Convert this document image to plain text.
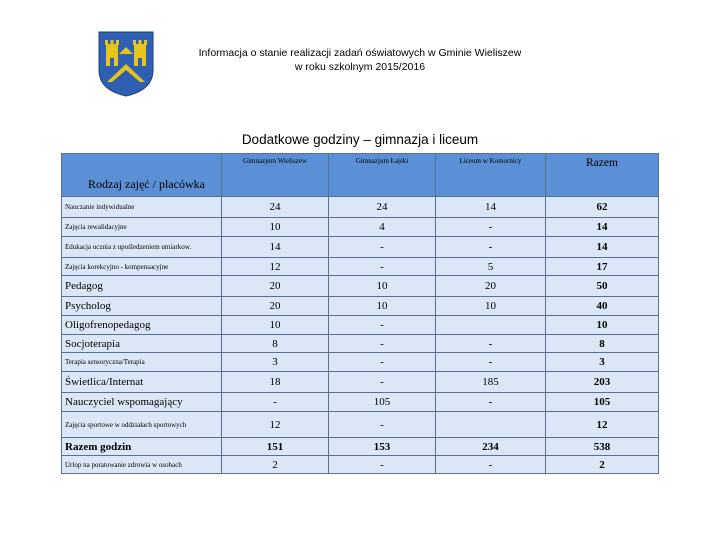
Informacja o stanie realizacji zadań oświatowych w Gminie Wieliszew
w roku szkolnym 2015/2016
Dodatkowe godziny – gimnazja i liceum
Rodzaj zajęć / placówka	Gimnazjum Wieliszew	Gimnazjum Łajski	Liceum w Komornicy	Razem
Nauczanie indywidualne	24	24	14	62
Zajęcia rewalidacyjne	10	4	-	14
Edukacja ucznia z upośledzeniem umiarkow.	14	-	-	14
Zajęcia korekcyjno - kompensacyjne	12	-	5	17
Pedagog	20	10	20	50
Psycholog	20	10	10	40
Oligofrenopedagog	10	-		10
Socjoterapia	8	-	-	8
Terapia sensoryczna/Terapia	3	-	-	3
Świetlica/Internat	18	-	185	203
Nauczyciel wspomagający	-	105	-	105
Zajęcia sportowe w oddziałach sportowych	12	-		12
Razem godzin	151	153	234	538
Urlop na poratowanie zdrowia w osobach	2	-	-	2
